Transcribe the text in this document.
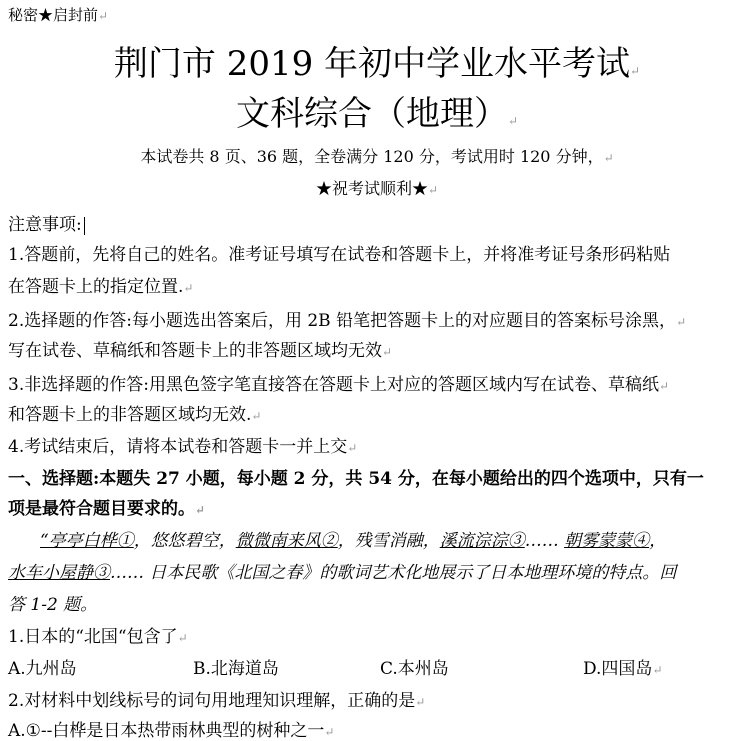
秘密★启封前↵
荆门市 2019 年初中学业水平考试↵
文科综合（地理）↵
本试卷共 8 页、36 题，全卷满分 120 分，考试用时 120 分钟，↵
★祝考试顺利★↵
注意事项:
1.答题前，先将自己的姓名。准考证号填写在试卷和答题卡上，并将准考证号条形码粘贴
在答题卡上的指定位置.↵
2.选择题的作答:每小题选出答案后，用 2B 铅笔把答题卡上的对应题目的答案标号涂黑，↵
写在试卷、草稿纸和答题卡上的非答题区域均无效↵
3.非选择题的作答:用黑色签字笔直接答在答题卡上对应的答题区域内写在试卷、草稿纸↵
和答题卡上的非答题区域均无效.↵
4.考试结束后，请将本试卷和答题卡一并上交↵
一、选择题:本题失 27 小题，每小题 2 分，共 54 分，在每小题给出的四个选项中，只有一
项是最符合题目要求的。↵
“亭亭白桦①，悠悠碧空，微微南来风②，残雪消融，溪流淙淙③…… 朝雾蒙蒙④，
水车小屋静③…… 日本民歌《北国之春》的歌词艺术化地展示了日本地理环境的特点。回
答 1-2 题。
1.日本的“北国“包含了↵
A.九州岛	B.北海道岛	C.本州岛	D.四国岛↵
2.对材料中划线标号的词句用地理知识理解，正确的是↵
A.①--白桦是日本热带雨林典型的树种之一↵
